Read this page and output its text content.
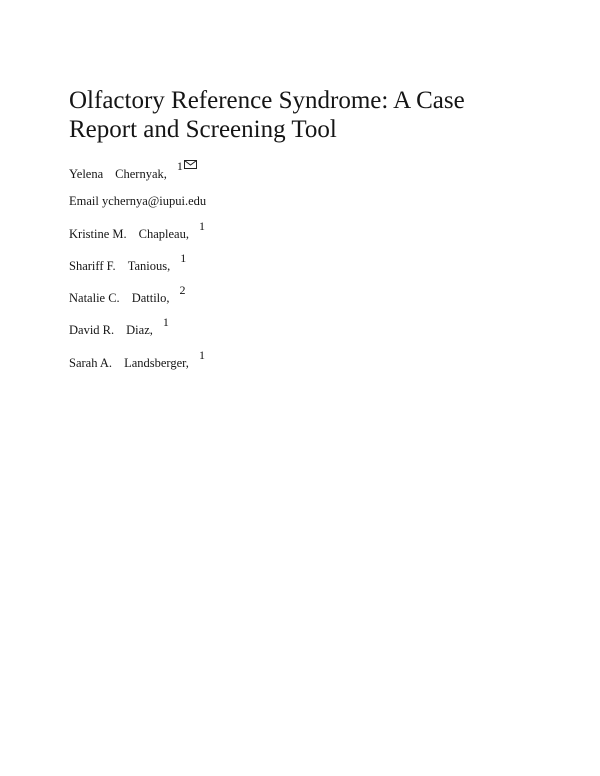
Olfactory Reference Syndrome: A Case
Report and Screening Tool
Yelena Chernyak,1
Email ychernya@iupui.edu
Kristine M. Chapleau,1
Shariff F. Tanious,1
Natalie C. Dattilo,2
David R. Diaz,1
Sarah A. Landsberger,1
